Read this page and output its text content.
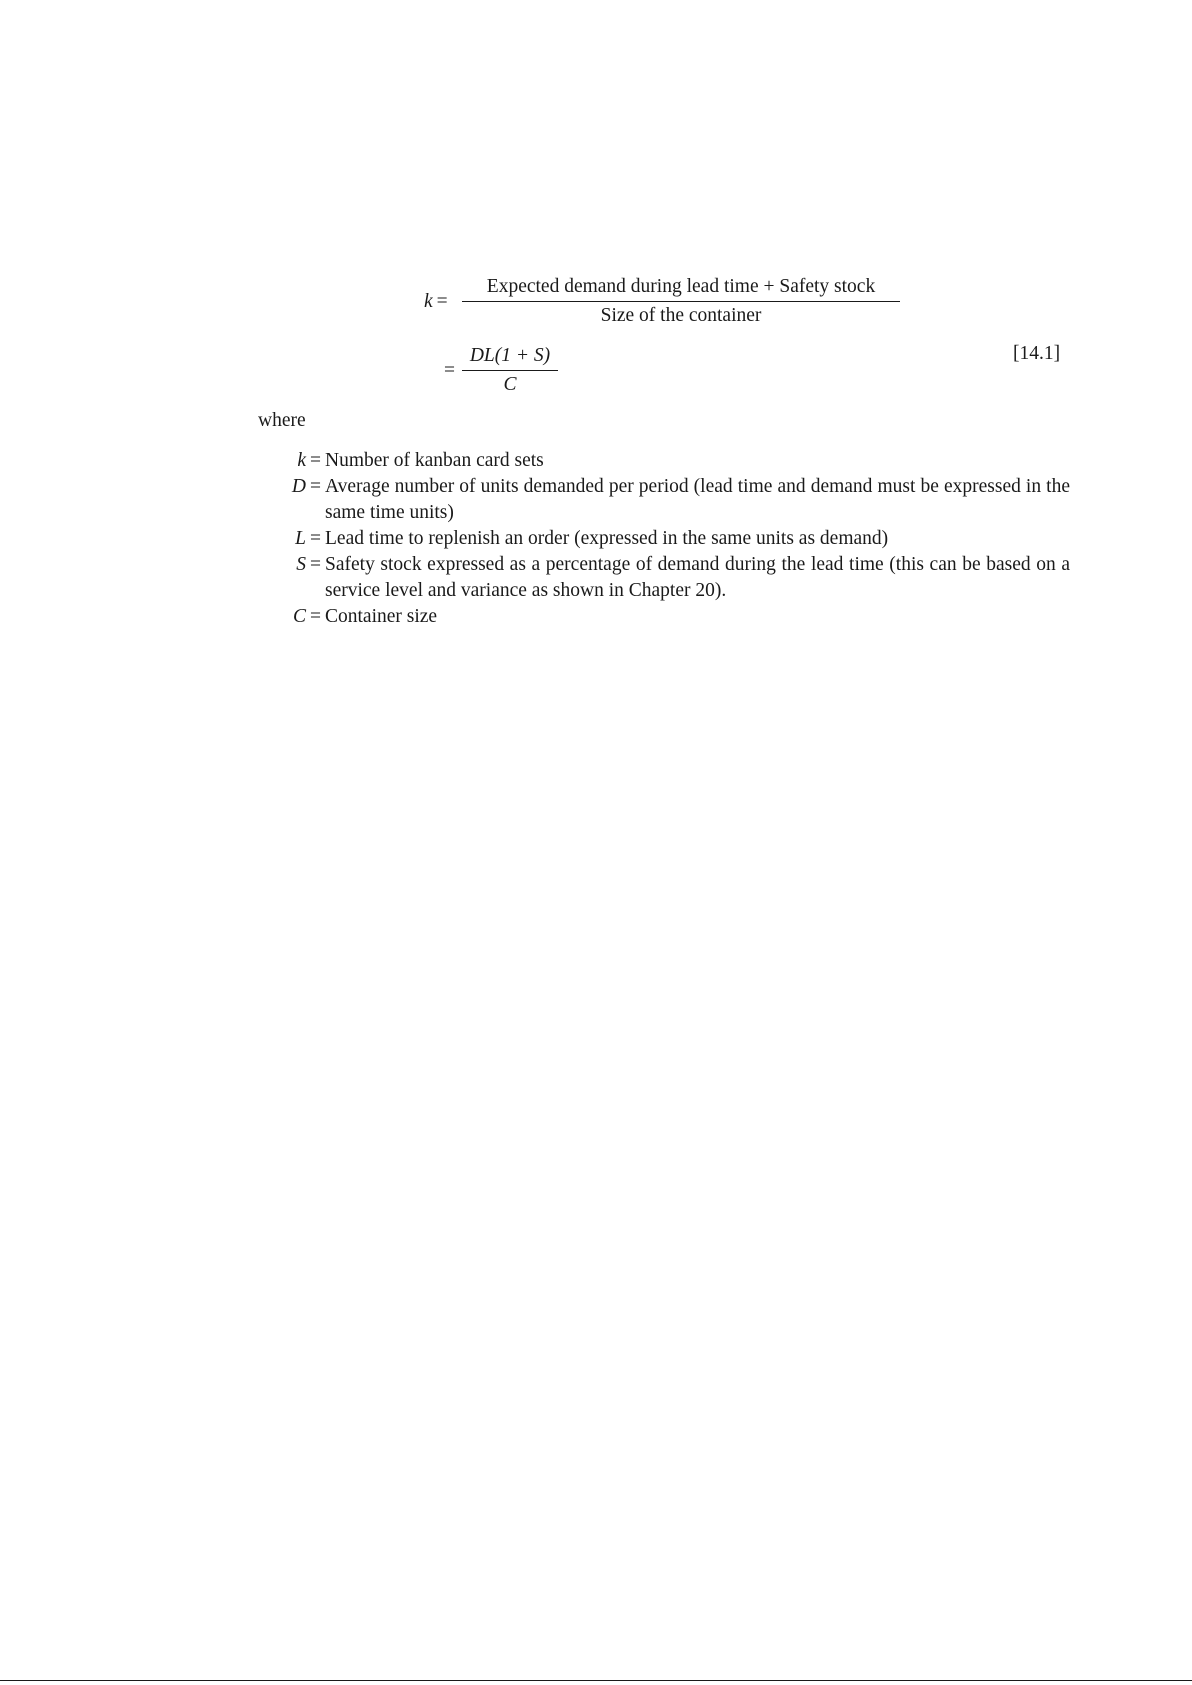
k =
Expected demand during lead time + Safety stock
Size of the container
=
DL(1 + S)
C
[14.1]
where
k = Number of kanban card sets
D = Average number of units demanded per period (lead time and demand must be expressed in the same time units)
L = Lead time to replenish an order (expressed in the same units as demand)
S = Safety stock expressed as a percentage of demand during the lead time (this can be based on a service level and variance as shown in Chapter 20).
C = Container size
